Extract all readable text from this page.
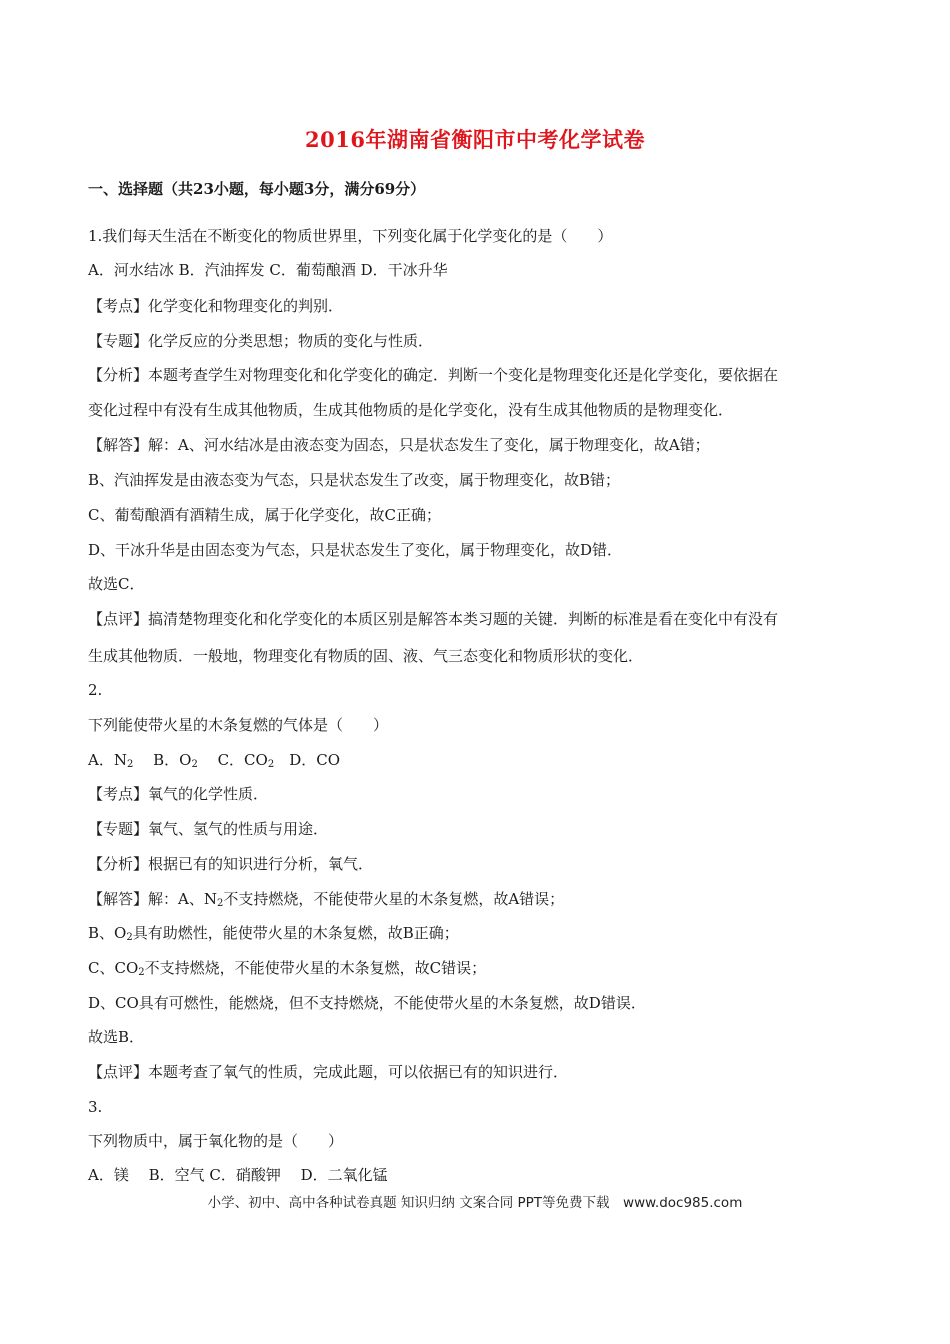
2016年湖南省衡阳市中考化学试卷
一、选择题（共23小题，每小题3分，满分69分）
1.我们每天生活在不断变化的物质世界里，下列变化属于化学变化的是（　　）
A．河水结冰 B．汽油挥发 C．葡萄酿酒 D．干冰升华
【考点】化学变化和物理变化的判别．
【专题】化学反应的分类思想；物质的变化与性质．
【分析】本题考查学生对物理变化和化学变化的确定．判断一个变化是物理变化还是化学变化，要依据在
变化过程中有没有生成其他物质，生成其他物质的是化学变化，没有生成其他物质的是物理变化．
【解答】解：A、河水结冰是由液态变为固态，只是状态发生了变化，属于物理变化，故A错；
B、汽油挥发是由液态变为气态，只是状态发生了改变，属于物理变化，故B错；
C、葡萄酿酒有酒精生成，属于化学变化，故C正确；
D、干冰升华是由固态变为气态，只是状态发生了变化，属于物理变化，故D错．
故选C．
【点评】搞清楚物理变化和化学变化的本质区别是解答本类习题的关键．判断的标准是看在变化中有没有
生成其他物质．一般地，物理变化有物质的固、液、气三态变化和物质形状的变化．
2.
下列能使带火星的木条复燃的气体是（　　）
A．$N_2$　 B．$O_2$　 C．$CO_2$　D．CO
【考点】氧气的化学性质．
【专题】氧气、氢气的性质与用途．
【分析】根据已有的知识进行分析，氧气．
【解答】解：A、$N_2$不支持燃烧，不能使带火星的木条复燃，故A错误；
B、$O_2$具有助燃性，能使带火星的木条复燃，故B正确；
C、$CO_2$不支持燃烧，不能使带火星的木条复燃，故C错误；
D、CO具有可燃性，能燃烧，但不支持燃烧，不能使带火星的木条复燃，故D错误．
故选B．
【点评】本题考查了氧气的性质，完成此题，可以依据已有的知识进行．
3.
下列物质中，属于氧化物的是（　　）
A．镁　 B．空气 C．硝酸钾　 D．二氧化锰
小学、初中、高中各种试卷真题 知识归纳 文案合同 PPT等免费下载　www.doc985.com
